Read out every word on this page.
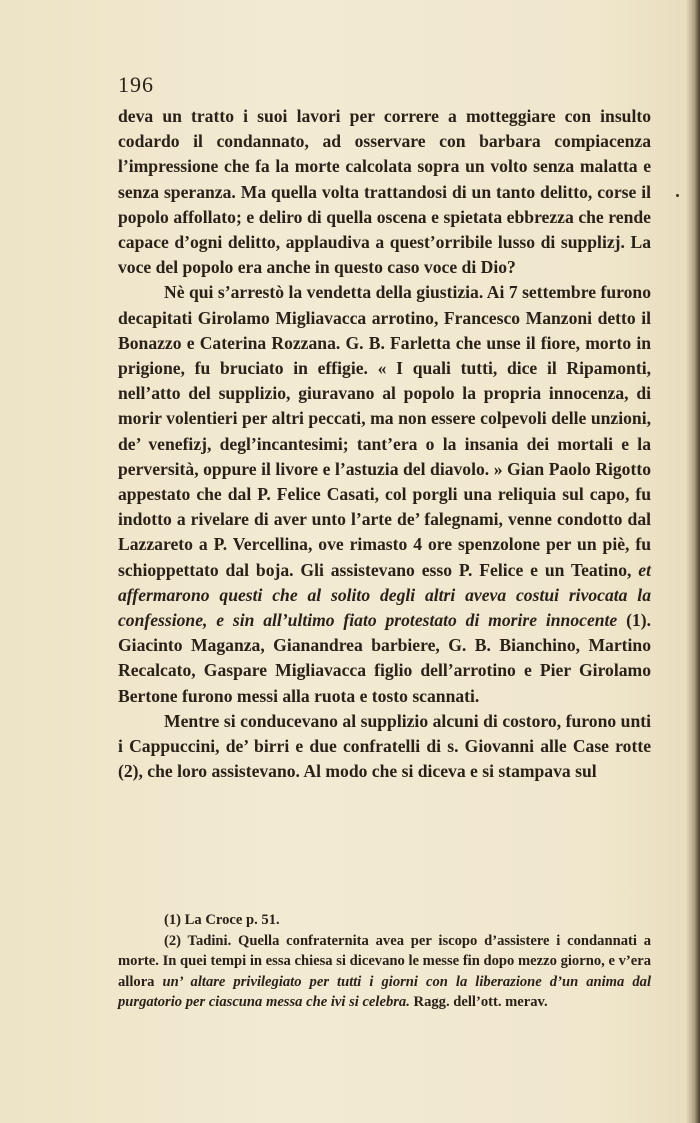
196

deva un tratto i suoi lavori per correre a motteggiare con insulto codardo il condannato, ad osservare con barbara compiacenza l’impressione che fa la morte calcolata sopra un volto senza malatta e senza speranza. Ma quella volta trattandosi di un tanto delitto, corse il popolo affollato; e deliro di quella oscena e spietata ebbrezza che rende capace d’ogni delitto, applaudiva a quest’orribile lusso di supplizj. La voce del popolo era anche in questo caso voce di Dio?

Nè qui s’arrestò la vendetta della giustizia. Ai 7 settembre furono decapitati Girolamo Migliavacca arrotino, Francesco Manzoni detto il Bonazzo e Caterina Rozzana. G. B. Farletta che unse il fiore, morto in prigione, fu bruciato in effigie. « I quali tutti, dice il Ripamonti, nell’atto del supplizio, giuravano al popolo la propria innocenza, di morir volentieri per altri peccati, ma non essere colpevoli delle unzioni, de’ venefizj, degl’incantesimi; tant’era o la insania dei mortali e la perversità, oppure il livore e l’astuzia del diavolo. » Gian Paolo Rigotto appestato che dal P. Felice Casati, col porgli una reliquia sul capo, fu indotto a rivelare di aver unto l’arte de’ falegnami, venne condotto dal Lazzareto a P. Vercellina, ove rimasto 4 ore spenzolone per un piè, fu schioppettato dal boja. Gli assistevano esso P. Felice e un Teatino, et affermarono questi che al solito degli altri aveva costui rivocata la confessione, e sin all’ultimo fiato protestato di morire innocente (1). Giacinto Maganza, Gianandrea barbiere, G. B. Bianchino, Martino Recalcato, Gaspare Migliavacca figlio dell’arrotino e Pier Girolamo Bertone furono messi alla ruota e tosto scannati.

Mentre si conducevano al supplizio alcuni di costoro, furono unti i Cappuccini, de’ birri e due confratelli di s. Giovanni alle Case rotte (2), che loro assistevano. Al modo che si diceva e si stampava sul

(1) La Croce p. 51.

(2) Tadini. Quella confraternita avea per iscopo d’assistere i condannati a morte. In quei tempi in essa chiesa si dicevano le messe fin dopo mezzo giorno, e v’era allora un’ altare privilegiato per tutti i giorni con la liberazione d’un anima dal purgatorio per ciascuna messa che ivi si celebra. Ragg. dell’ott. merav.
